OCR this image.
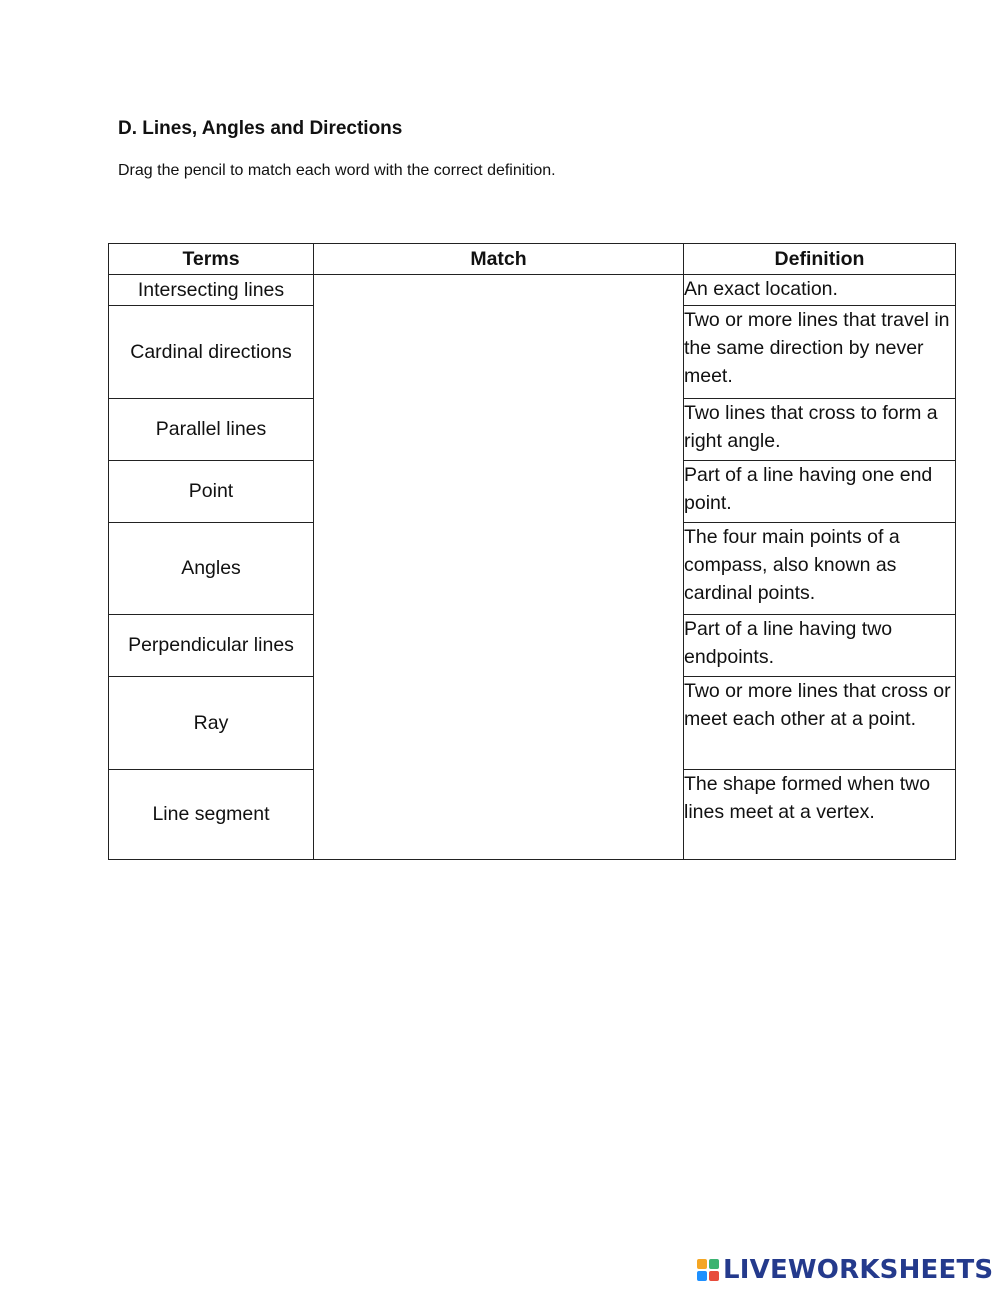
D. Lines, Angles and Directions
Drag the pencil to match each word with the correct definition.
Terms	Match	Definition
Intersecting lines		An exact location.
Cardinal directions		Two or more lines that travel in the same direction by never meet.
Parallel lines		Two lines that cross to form a right angle.
Point		Part of a line having one end point.
Angles		The four main points of a compass, also known as cardinal points.
Perpendicular lines		Part of a line having two endpoints.
Ray		Two or more lines that cross or meet each other at a point.
Line segment		The shape formed when two lines meet at a vertex.
LIVEWORKSHEETS
